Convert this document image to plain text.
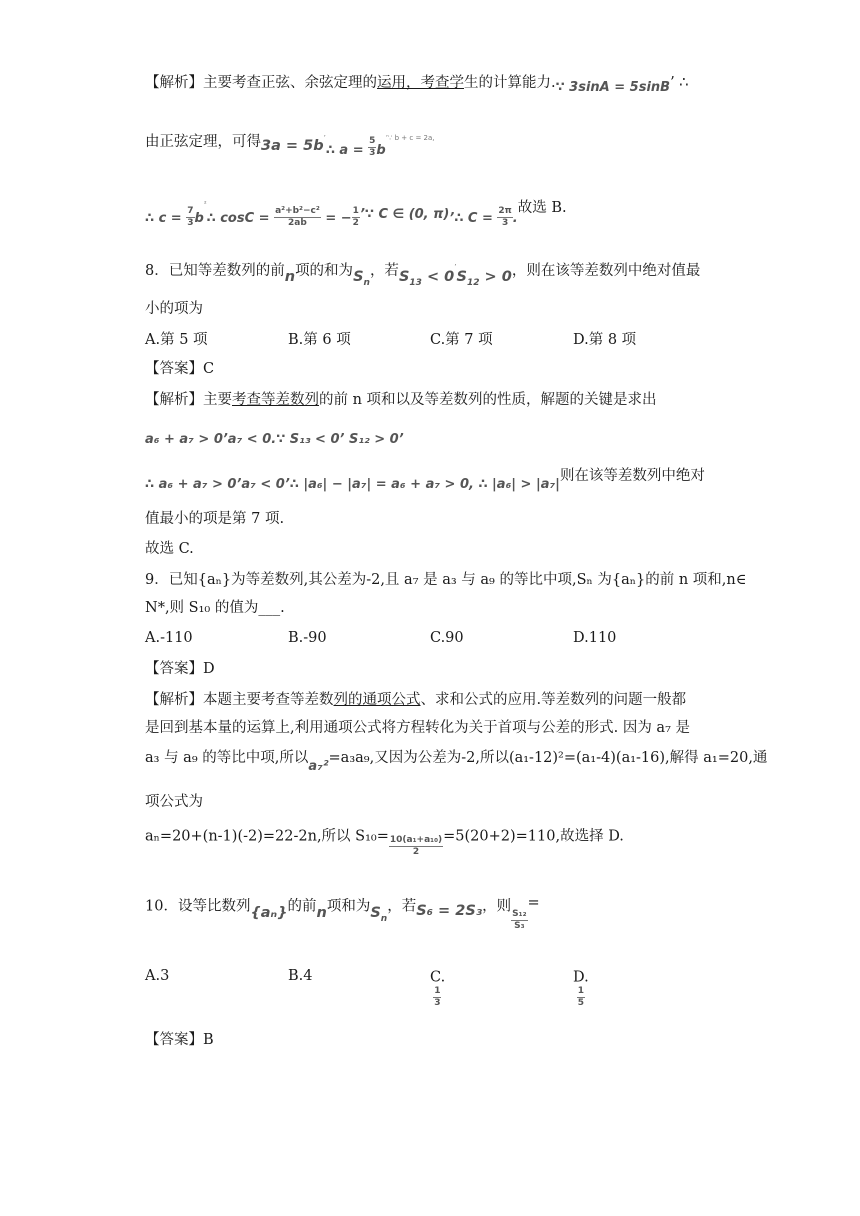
【解析】主要考查正弦、余弦定理的运用，考查学生的计算能力.∵ 3sinA = 5sinB’ ∴
由正弦定理，可得3a = 5b’∴ $a = \frac{5}{3} b^{’\because b + c = 2a,}$
∴ $c = \frac{7}{3}$ $b^{^2}\therefore$ $\cos C = \frac{\text{a²+b²−c²}}{2ab}$ = − $\frac{1}{2}$ ’∵ C ∈ (0, π)’∴ $C = \frac{2\pi}{3}$ .故选 B.
8．已知等差数列的前n项的和为$S_n$，若$S_{13} < 0^’S_{12} > 0$，则在该等差数列中绝对值最
小的项为
A.第 5 项	B.第 6 项	C.第 7 项	D.第 8 项
【答案】C
【解析】主要考查等差数列的前 n 项和以及等差数列的性质，解题的关键是求出
a₆ + a₇ > 0’a₇ < 0.∵ S₁₃ < 0’ S₁₂ > 0’
∴ a₆ + a₇ > 0’a₇ < 0’∴ |a₆| − |a₇| = a₆ + a₇ > 0, ∴ |a₆| > |a₇|则在该等差数列中绝对
值最小的项是第 7 项.
故选 C.
9．已知{aₙ}为等差数列,其公差为-2,且 a₇ 是 a₃ 与 a₉ 的等比中项,Sₙ 为{aₙ}的前 n 项和,n∈
N*,则 S₁₀ 的值为___.
A.-110	B.-90	C.90	D.110
【答案】D
【解析】本题主要考查等差数列的通项公式、求和公式的应用.等差数列的问题一般都
是回到基本量的运算上,利用通项公式将方程转化为关于首项与公差的形式. 因为 a₇ 是
a₃ 与 a₉ 的等比中项,所以a₇²=a₃a₉,又因为公差为-2,所以(a₁-12)²=(a₁-4)(a₁-16),解得 a₁=20,通
项公式为
aₙ=20+(n-1)(-2)=22-2n,所以 $S_{10}= \frac{\text{10(a₁+a₁₀)}}{2} =5(20+2)=110$,故选择 D.
10．设等比数列{aₙ}的前n项和为$S_n$，若S₆ = 2S₃，则
$\frac{\text{S₁₂}}{\text{S₃}}$
=
A.3	B.4	C.
$\frac{1}{3}$
D.
$\frac{1}{5}$
【答案】B
